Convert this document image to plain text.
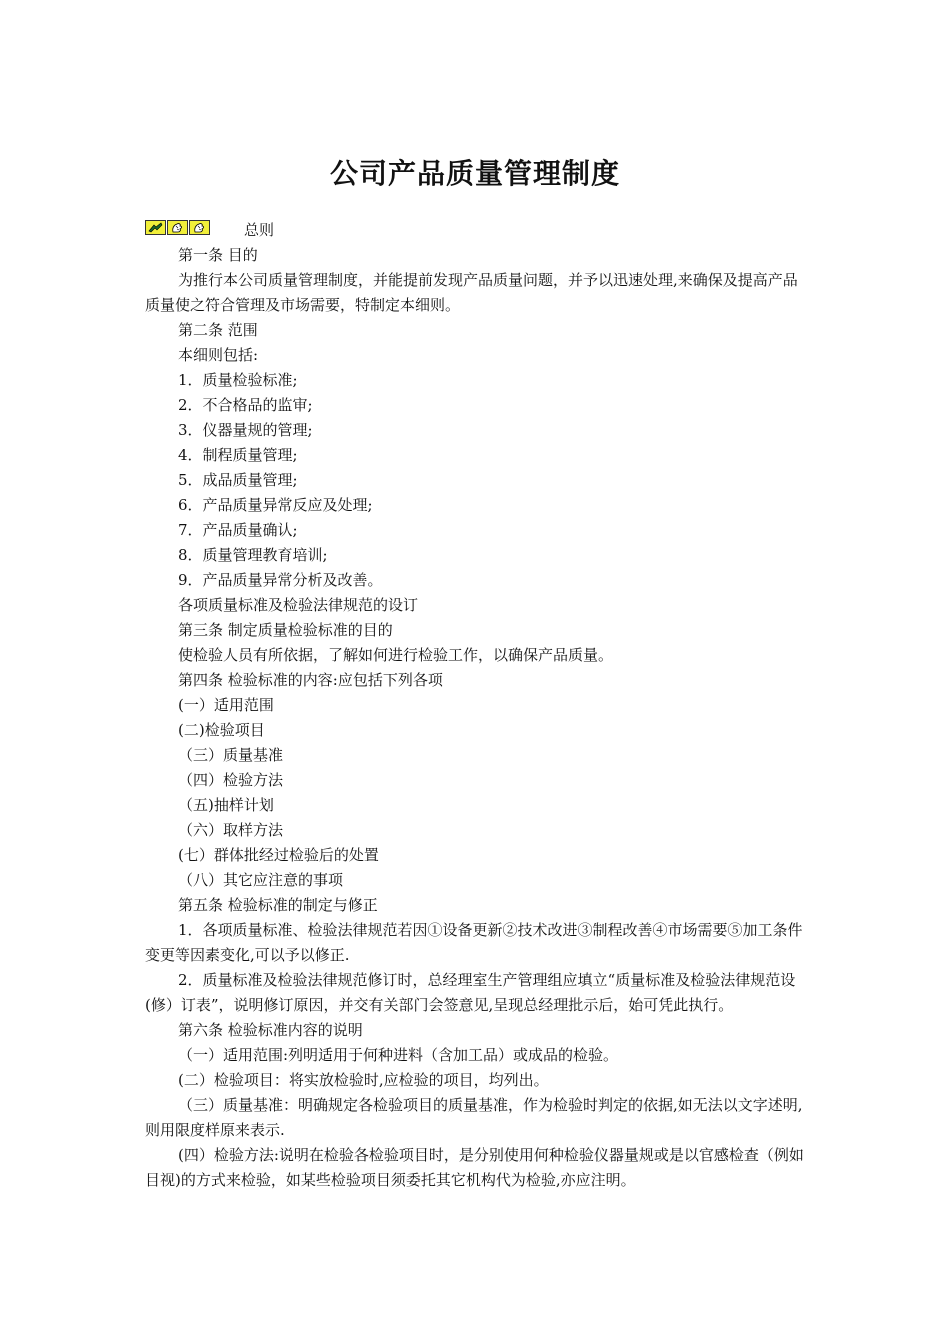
公司产品质量管理制度
总则
第一条 目的
为推行本公司质量管理制度，并能提前发现产品质量问题，并予以迅速处理,来确保及提高产品质量使之符合管理及市场需要，特制定本细则。
第二条 范围
本细则包括:
1．质量检验标准;
2．不合格品的监审;
3．仪器量规的管理;
4．制程质量管理;
5．成品质量管理;
6．产品质量异常反应及处理;
7．产品质量确认;
8．质量管理教育培训;
9．产品质量异常分析及改善。
各项质量标准及检验法律规范的设订
第三条 制定质量检验标准的目的
使检验人员有所依据，了解如何进行检验工作，以确保产品质量。
第四条 检验标准的内容:应包括下列各项
(一）适用范围
(二)检验项目
（三）质量基准
（四）检验方法
（五)抽样计划
（六）取样方法
(七）群体批经过检验后的处置
（八）其它应注意的事项
第五条 检验标准的制定与修正
1．各项质量标准、检验法律规范若因①设备更新②技术改进③制程改善④市场需要⑤加工条件变更等因素变化,可以予以修正.
2．质量标准及检验法律规范修订时，总经理室生产管理组应填立“质量标准及检验法律规范设(修）订表”，说明修订原因，并交有关部门会签意见,呈现总经理批示后，始可凭此执行。
第六条 检验标准内容的说明
（一）适用范围:列明适用于何种进料（含加工品）或成品的检验。
(二）检验项目：将实放检验时,应检验的项目，均列出。
（三）质量基准：明确规定各检验项目的质量基准，作为检验时判定的依据,如无法以文字述明,则用限度样原来表示.
(四）检验方法:说明在检验各检验项目时，是分别使用何种检验仪器量规或是以官感检查（例如目视)的方式来检验，如某些检验项目须委托其它机构代为检验,亦应注明。
